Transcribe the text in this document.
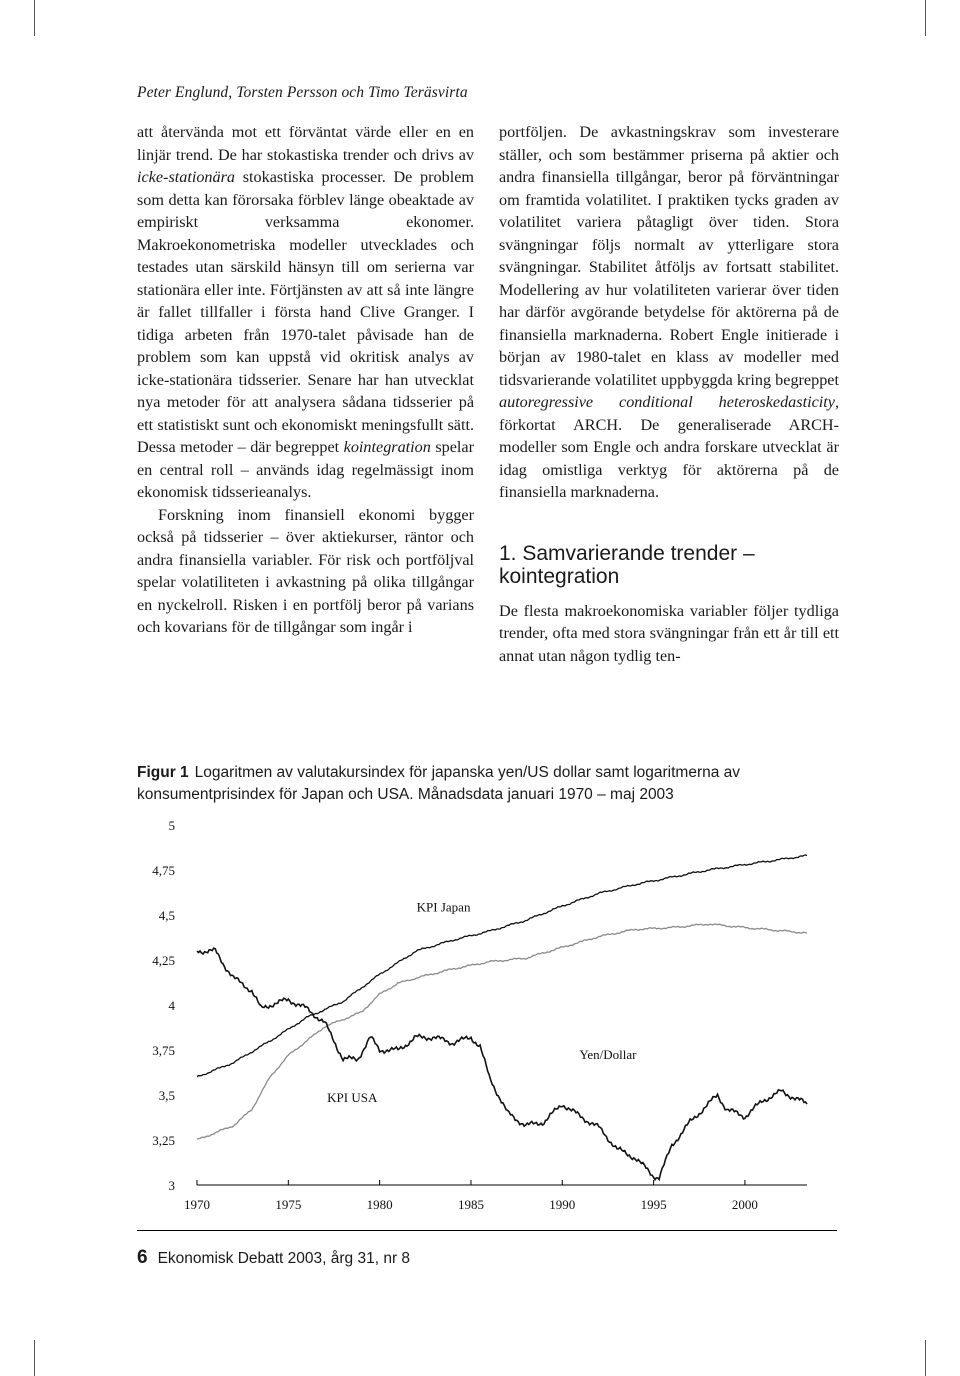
Peter Englund, Torsten Persson och Timo Teräsvirta

att återvända mot ett förväntat värde eller en en linjär trend. De har stokastiska trender och drivs av icke-stationära stokastiska processer. De problem som detta kan förorsaka förblev länge obeaktade av empiriskt verksamma ekonomer. Makroekonometriska modeller utvecklades och testades utan särskild hänsyn till om serierna var stationära eller inte. Förtjänsten av att så inte längre är fallet tillfaller i första hand Clive Granger. I tidiga arbeten från 1970-talet påvisade han de problem som kan uppstå vid okritisk analys av icke-stationära tidsserier. Senare har han utvecklat nya metoder för att analysera sådana tidsserier på ett statistiskt sunt och ekonomiskt meningsfullt sätt. Dessa metoder – där begreppet kointegration spelar en central roll – används idag regelmässigt inom ekonomisk tidsserieanalys.

Forskning inom finansiell ekonomi bygger också på tidsserier – över aktiekurser, räntor och andra finansiella variabler. För risk och portföljval spelar volatiliteten i avkastning på olika tillgångar en nyckelroll. Risken i en portfölj beror på varians och kovarians för de tillgångar som ingår i

portföljen. De avkastningskrav som investerare ställer, och som bestämmer priserna på aktier och andra finansiella tillgångar, beror på förväntningar om framtida volatilitet. I praktiken tycks graden av volatilitet variera påtagligt över tiden. Stora svängningar följs normalt av ytterligare stora svängningar. Stabilitet åtföljs av fortsatt stabilitet. Modellering av hur volatiliteten varierar över tiden har därför avgörande betydelse för aktörerna på de finansiella marknaderna. Robert Engle initierade i början av 1980-talet en klass av modeller med tidsvarierande volatilitet uppbyggda kring begreppet autoregressive conditional heteroskedasticity, förkortat ARCH. De generaliserade ARCH-modeller som Engle och andra forskare utvecklat är idag omistliga verktyg för aktörerna på de finansiella marknaderna.

1. Samvarierande trender – kointegration

De flesta makroekonomiska variabler följer tydliga trender, ofta med stora svängningar från ett år till ett annat utan någon tydlig ten-

Figur 1 Logaritmen av valutakursindex för japanska yen/US dollar samt logaritmerna av konsumentprisindex för Japan och USA. Månadsdata januari 1970 – maj 2003
5
4,75
4,5
4,25
4
3,75
3,5
3,25
3
1970	1975	1980	1985	1990	1995	2000
KPI Japan
KPI USA
Yen/Dollar
6 Ekonomisk Debatt 2003, årg 31, nr 8
